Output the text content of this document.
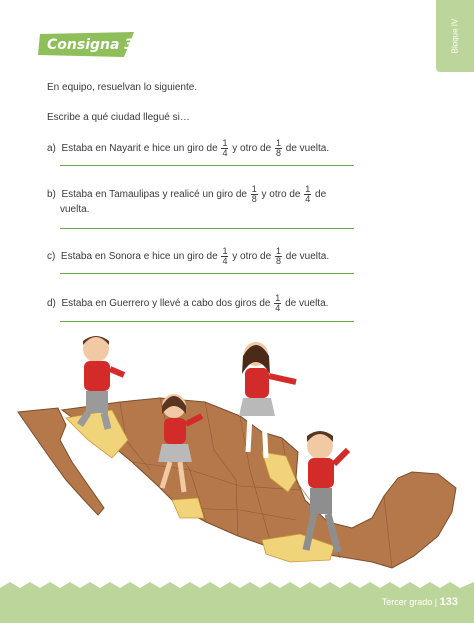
Bloque IV
Consigna 3
En equipo, resuelvan lo siguiente.
Escribe a qué ciudad llegué si…
a) Estaba en Nayarit e hice un giro de $\frac{1}{4}$ y otro de $\frac{1}{8}$ de vuelta.
b) Estaba en Tamaulipas y realicé un giro de $\frac{1}{8}$ y otro de $\frac{1}{4}$ de
vuelta.
c) Estaba en Sonora e hice un giro de $\frac{1}{4}$ y otro de $\frac{1}{8}$ de vuelta.
d) Estaba en Guerrero y llevé a cabo dos giros de $\frac{1}{4}$ de vuelta.
Tercer grado | 133
